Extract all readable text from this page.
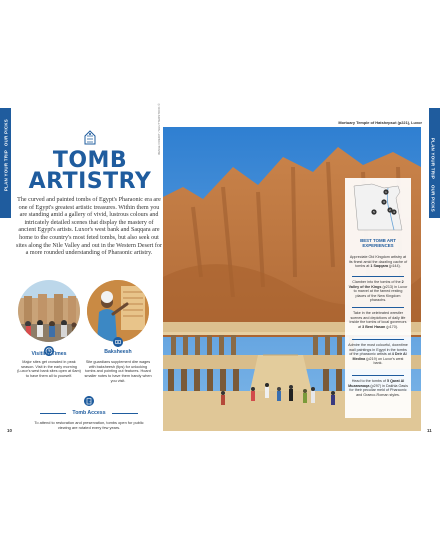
OUR PICKS
PLAN YOUR TRIP	PLAN YOUR TRIP
OUR PICKS
TOMB
ARTISTRY
The curved and painted tombs of Egypt's Pharaonic era are one of Egypt's greatest artistic treasures. Within them you are standing amid a gallery of vivid, lustrous colours and intricately detailed scenes that display the mastery of ancient Egypt's artists. Luxor's west bank and Saqqara are home to the country's most feted tombs, but also seek out sites along the Nile Valley and out in the Western Desert for a more rounded understanding of Pharaonic artistry.
Visiting Times
Major sites get crowded in peak season. Visit in the early morning (Luxor's west bank sites open at 6am) to have them all to yourself.
Baksheesh
Site guardians supplement dire wages with baksheesh (tips) for unlocking tombs and pointing out features. Hoard smaller notes to have them handy when you visit.
Tomb Access
To attend to restoration and preservation, tombs open for public viewing are rotated every few years.
10
Mortuary Temple of Hatshepsut (p221), Luxor
IMAGE CREDIT / SHUTTERSTOCK ©
1
2
3
4
5
BEST TOMB ART EXPERIENCES
Appreciate Old Kingdom artistry at its finest amid the dazzling cache of tombs at 1 Saqqara (p144).
Clamber into the tombs of the 2 Valley of the Kings (p213) in Luxor to marvel at the famed resting places of the New Kingdom pharaohs.
Take in the celebrated wrestler scenes and depictions of daily life inside the tombs of local governors at 3 Beni Hasan (p170).
Admire the most colourful, downtime wall paintings in Egypt in the tombs of the pharaonic artists at 4 Deir Al Medina (p219) on Luxor's west bank.
Head to the tombs of 5 Qarat Al Muzawwaqa (p297) in Dakhla Oasis for their peculiar meld of Pharaonic and Graeco-Roman styles.
11
